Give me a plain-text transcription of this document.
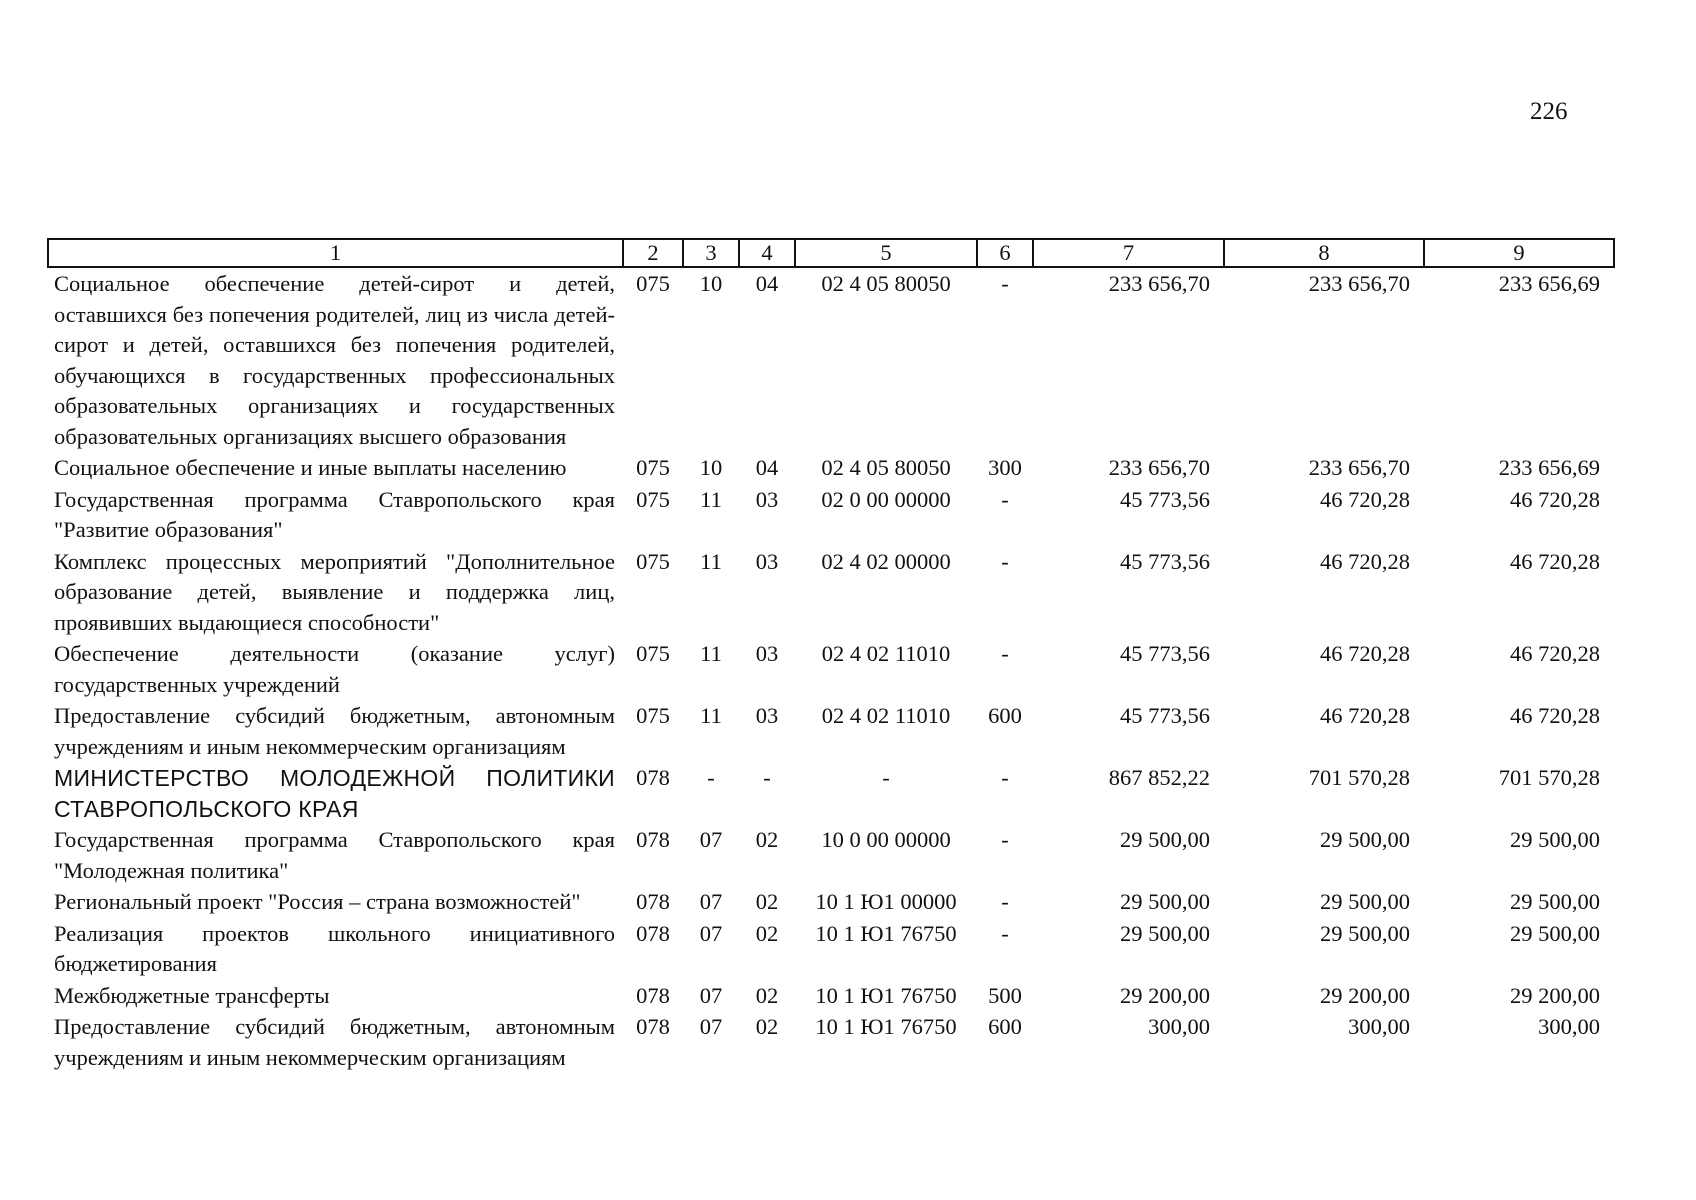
226
1	2	3	4	5	6	7	8	9
Социальное обеспечение детей-сирот и детей, оставшихся без попечения родителей, лиц из числа детей-сирот и детей, оставшихся без попечения родителей, обучающихся в государственных профессиональных образовательных организациях и государственных образовательных организациях высшего образования	075	10	04	02 4 05 80050	-	233 656,70	233 656,70	233 656,69
Социальное обеспечение и иные выплаты населению	075	10	04	02 4 05 80050	300	233 656,70	233 656,70	233 656,69
Государственная программа Ставропольского края "Развитие образования"	075	11	03	02 0 00 00000	-	45 773,56	46 720,28	46 720,28
Комплекс процессных мероприятий "Дополнительное образование детей, выявление и поддержка лиц, проявивших выдающиеся способности"	075	11	03	02 4 02 00000	-	45 773,56	46 720,28	46 720,28
Обеспечение деятельности (оказание услуг) государственных учреждений	075	11	03	02 4 02 11010	-	45 773,56	46 720,28	46 720,28
Предоставление субсидий бюджетным, автономным учреждениям и иным некоммерческим организациям	075	11	03	02 4 02 11010	600	45 773,56	46 720,28	46 720,28
МИНИСТЕРСТВО МОЛОДЕЖНОЙ ПОЛИТИКИ СТАВРОПОЛЬСКОГО КРАЯ	078	-	-	-	-	867 852,22	701 570,28	701 570,28
Государственная программа Ставропольского края "Молодежная политика"	078	07	02	10 0 00 00000	-	29 500,00	29 500,00	29 500,00
Региональный проект "Россия – страна возможностей"	078	07	02	10 1 Ю1 00000	-	29 500,00	29 500,00	29 500,00
Реализация проектов школьного инициативного бюджетирования	078	07	02	10 1 Ю1 76750	-	29 500,00	29 500,00	29 500,00
Межбюджетные трансферты	078	07	02	10 1 Ю1 76750	500	29 200,00	29 200,00	29 200,00
Предоставление субсидий бюджетным, автономным учреждениям и иным некоммерческим организациям	078	07	02	10 1 Ю1 76750	600	300,00	300,00	300,00
